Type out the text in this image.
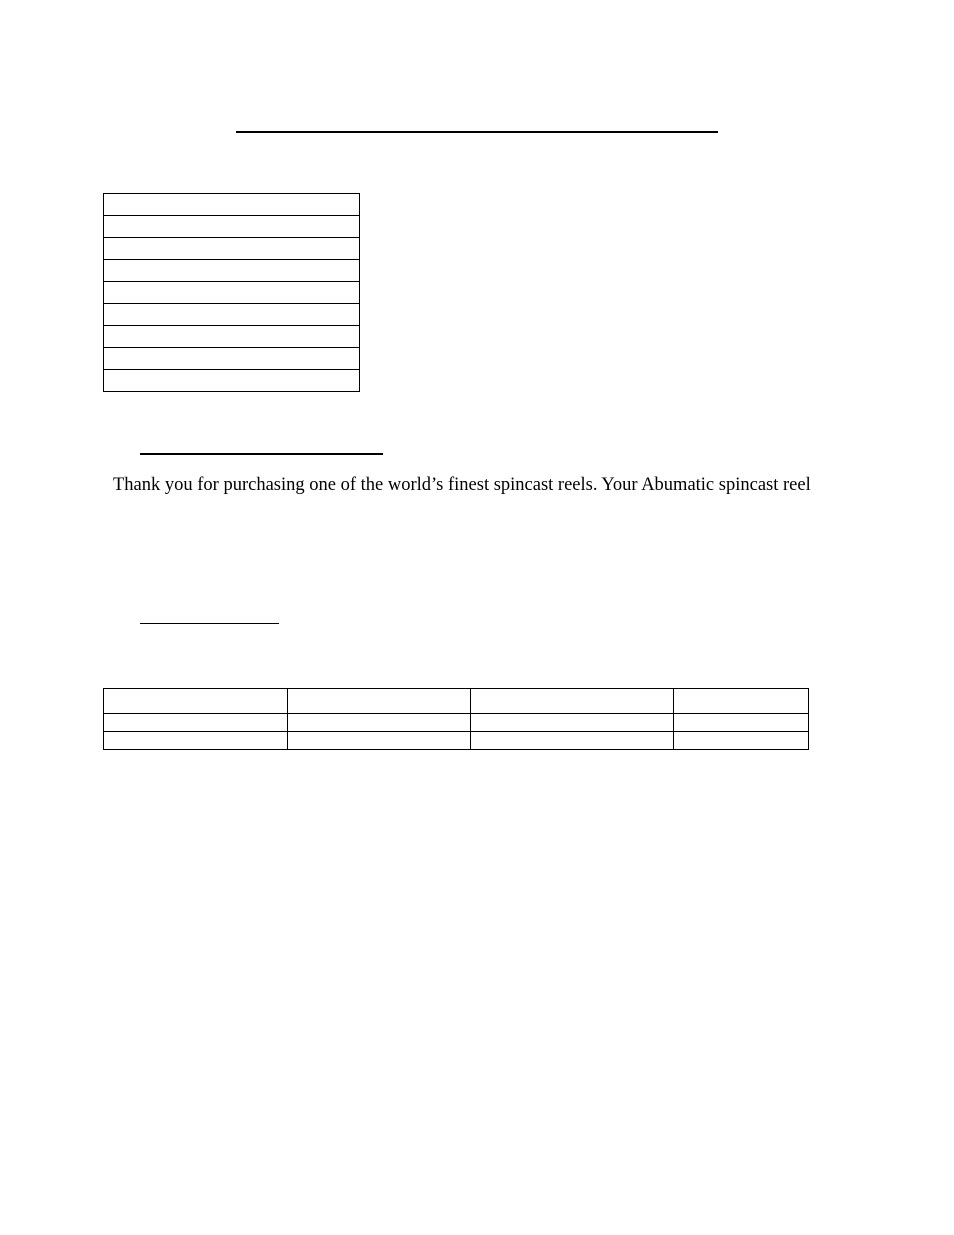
Thank you for purchasing one of the world’s finest spincast reels. Your Abumatic spincast reel
